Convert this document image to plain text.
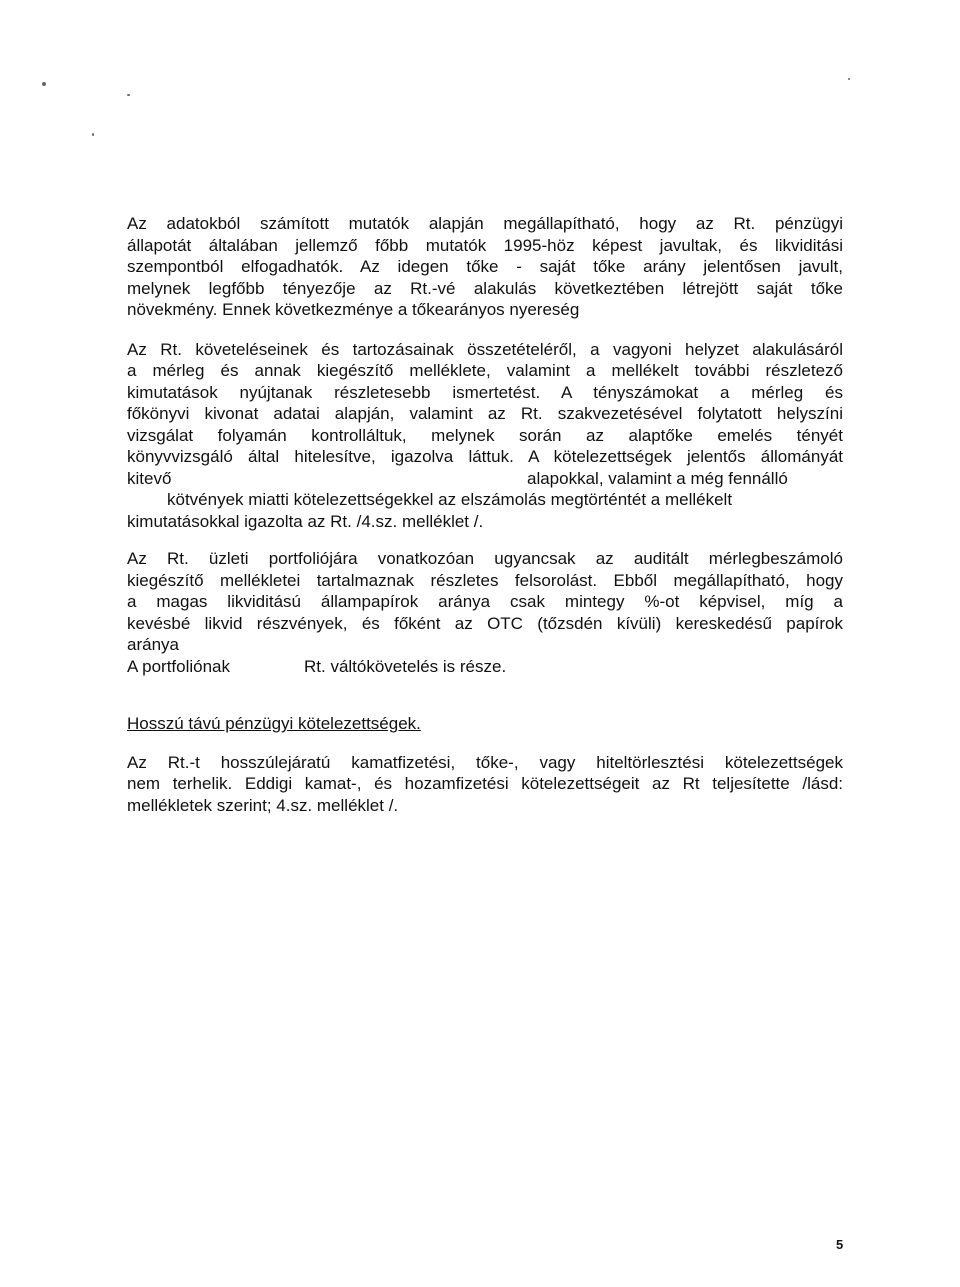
Az adatokból számított mutatók alapján megállapítható, hogy az Rt. pénzügyi
állapotát általában jellemző főbb mutatók 1995-höz képest javultak, és likviditási
szempontból elfogadhatók. Az idegen tőke - saját tőke arány jelentősen javult,
melynek legfőbb tényezője az Rt.-vé alakulás következtében létrejött saját tőke
növekmény. Ennek következménye a tőkearányos nyereség
Az Rt. követeléseinek és tartozásainak összetételéről, a vagyoni helyzet alakulásáról
a mérleg és annak kiegészítő melléklete, valamint a mellékelt további részletező
kimutatások nyújtanak részletesebb ismertetést. A tényszámokat a mérleg és
főkönyvi kivonat adatai alapján, valamint az Rt. szakvezetésével folytatott helyszíni
vizsgálat folyamán kontrolláltuk, melynek során az alaptőke emelés tényét
könyvvizsgáló által hitelesítve, igazolva láttuk. A kötelezettségek jelentős állományát
kitevő	alapokkal, valamint a még fennálló
kötvények miatti kötelezettségekkel az elszámolás megtörténtét a mellékelt
kimutatásokkal igazolta az Rt. /4.sz. melléklet /.
Az Rt. üzleti portfoliójára vonatkozóan ugyancsak az auditált mérlegbeszámoló
kiegészítő mellékletei tartalmaznak részletes felsorolást. Ebből megállapítható, hogy
a magas likviditású állampapírok aránya csak mintegy %-ot képvisel, míg a
kevésbé likvid részvények, és főként az OTC (tőzsdén kívüli) kereskedésű papírok
aránya
A portfoliónak	Rt. váltókövetelés is része.
Hosszú távú pénzügyi kötelezettségek.
Az Rt.-t hosszúlejáratú kamatfizetési, tőke-, vagy hiteltörlesztési kötelezettségek
nem terhelik. Eddigi kamat-, és hozamfizetési kötelezettségeit az Rt teljesítette /lásd:
mellékletek szerint; 4.sz. melléklet /.
5
